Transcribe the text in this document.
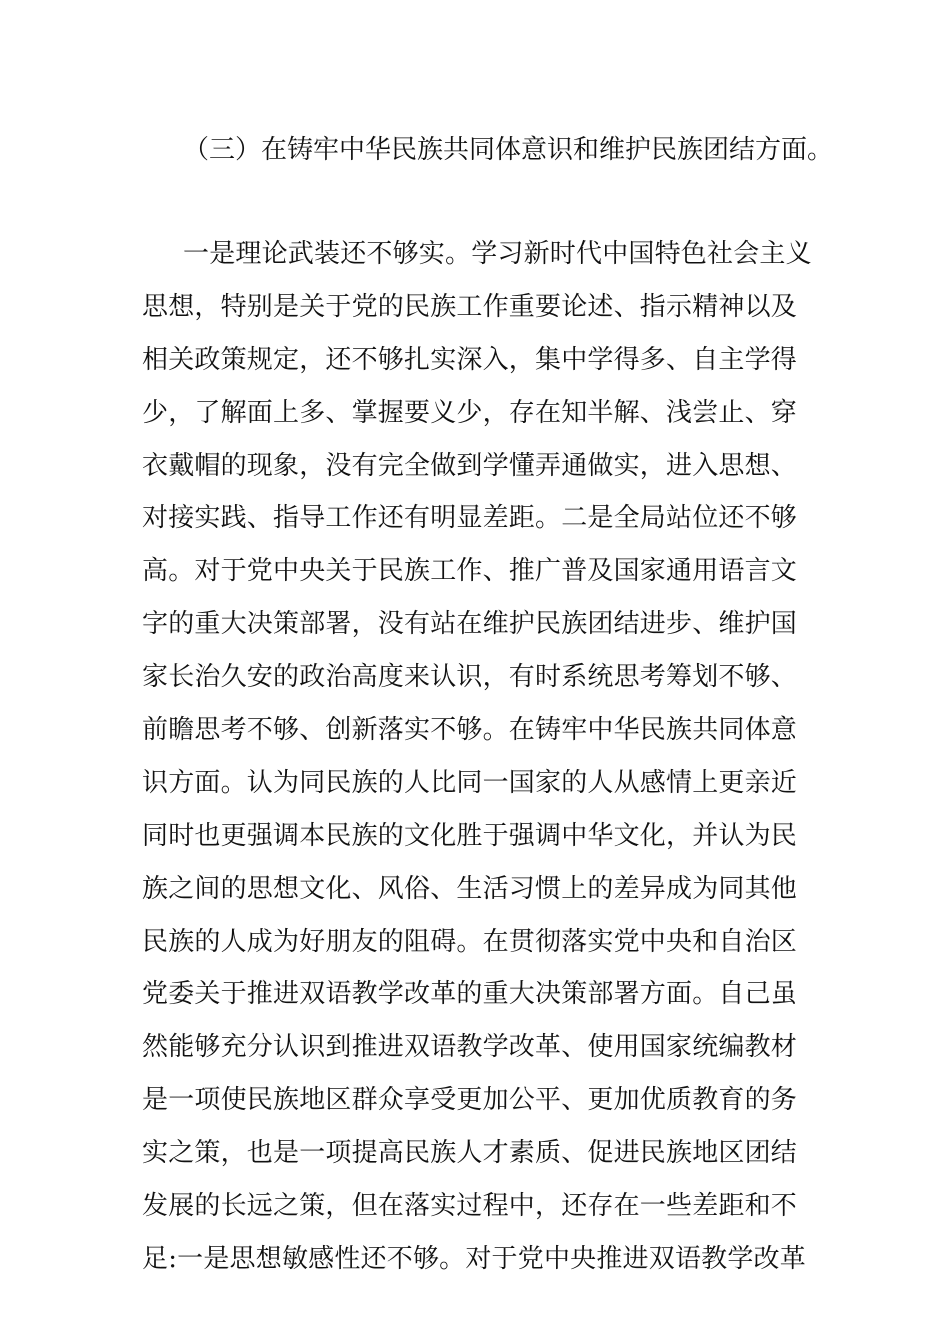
（三）在铸牢中华民族共同体意识和维护民族团结方面。
一是理论武装还不够实。学习新时代中国特色社会主义
思想，特别是关于党的民族工作重要论述、指示精神以及
相关政策规定，还不够扎实深入，集中学得多、自主学得
少，了解面上多、掌握要义少，存在知半解、浅尝止、穿
衣戴帽的现象，没有完全做到学懂弄通做实，进入思想、
对接实践、指导工作还有明显差距。二是全局站位还不够
高。对于党中央关于民族工作、推广普及国家通用语言文
字的重大决策部署，没有站在维护民族团结进步、维护国
家长治久安的政治高度来认识，有时系统思考筹划不够、
前瞻思考不够、创新落实不够。在铸牢中华民族共同体意
识方面。认为同民族的人比同一国家的人从感情上更亲近
同时也更强调本民族的文化胜于强调中华文化，并认为民
族之间的思想文化、风俗、生活习惯上的差异成为同其他
民族的人成为好朋友的阻碍。在贯彻落实党中央和自治区
党委关于推进双语教学改革的重大决策部署方面。自己虽
然能够充分认识到推进双语教学改革、使用国家统编教材
是一项使民族地区群众享受更加公平、更加优质教育的务
实之策，也是一项提高民族人才素质、促进民族地区团结
发展的长远之策，但在落实过程中，还存在一些差距和不
足:一是思想敏感性还不够。对于党中央推进双语教学改革
